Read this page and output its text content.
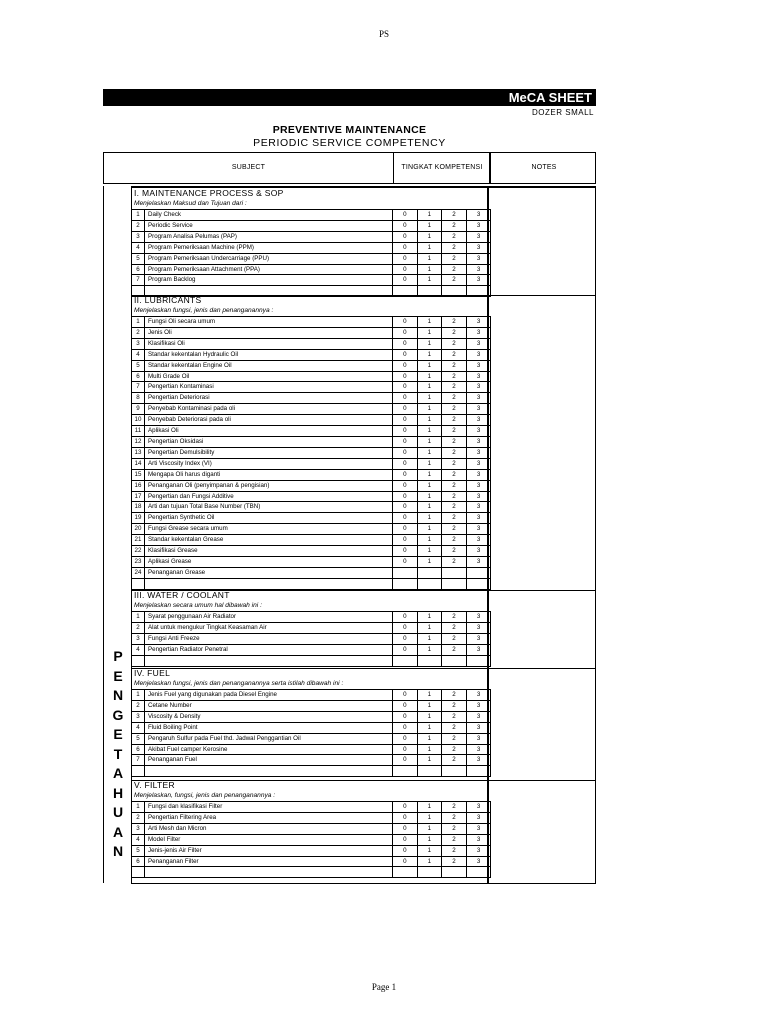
PS
MeCA SHEET
DOZER SMALL
PREVENTIVE MAINTENANCE
PERIODIC SERVICE COMPETENCY
SUBJECT	TINGKAT KOMPETENSI	NOTES
P
E
N
G
E
T
A
H
U
A
N
I. MAINTENANCE PROCESS & SOP
Menjelaskan Maksud dan Tujuan dari :
1	Daily Check	0	1	2	3
2	Periodic Service	0	1	2	3
3	Program Analisa Pelumas (PAP)	0	1	2	3
4	Program Pemeriksaan Machine (PPM)	0	1	2	3
5	Program Pemeriksaan Undercarriage (PPU)	0	1	2	3
6	Program Pemeriksaan Attachment (PPA)	0	1	2	3
7	Program Backlog	0	1	2	3

II. LUBRICANTS
Menjelaskan fungsi, jenis dan penanganannya :
1	Fungsi Oli secara umum	0	1	2	3
2	Jenis Oli	0	1	2	3
3	Klasifikasi Oli	0	1	2	3
4	Standar kekentalan Hydraulic Oil	0	1	2	3
5	Standar kekentalan Engine Oil	0	1	2	3
6	Multi Grade Oil	0	1	2	3
7	Pengertian Kontaminasi	0	1	2	3
8	Pengertian Deteriorasi	0	1	2	3
9	Penyebab Kontaminasi pada oli	0	1	2	3
10	Penyebab Deteriorasi pada oli	0	1	2	3
11	Aplikasi Oli	0	1	2	3
12	Pengertian Oksidasi	0	1	2	3
13	Pengertian Demulsibility	0	1	2	3
14	Arti Viscosity Index (VI)	0	1	2	3
15	Mengapa Oli harus diganti	0	1	2	3
16	Penanganan Oli (penyimpanan & pengisian)	0	1	2	3
17	Pengertian dan Fungsi Additive	0	1	2	3
18	Arti dan tujuan Total Base Number (TBN)	0	1	2	3
19	Pengertian Synthetic Oil	0	1	2	3
20	Fungsi Grease secara umum	0	1	2	3
21	Standar kekentalan Grease	0	1	2	3
22	Klasifikasi Grease	0	1	2	3
23	Aplikasi Grease	0	1	2	3
24	Penanganan Grease				

III. WATER / COOLANT
Menjelaskan secara umum hal dibawah ini :
1	Syarat penggunaan Air Radiator	0	1	2	3
2	Alat untuk mengukur Tingkat Keasaman Air	0	1	2	3
3	Fungsi Anti Freeze	0	1	2	3
4	Pengertian Radiator Penetral	0	1	2	3

IV. FUEL
Menjelaskan fungsi, jenis dan penanganannya serta istilah dibawah ini :
1	Jenis Fuel yang digunakan pada Diesel Engine	0	1	2	3
2	Cetane Number	0	1	2	3
3	Viscosity & Density	0	1	2	3
4	Fluid Boiling Point	0	1	2	3
5	Pengaruh Sulfur pada Fuel thd. Jadwal Penggantian Oil	0	1	2	3
6	Akibat Fuel camper Kerosine	0	1	2	3
7	Penanganan Fuel	0	1	2	3

V. FILTER
Menjelaskan, fungsi, jenis dan penanganannya :
1	Fungsi dan klasifikasi Filter	0	1	2	3
2	Pengertian Filtering Area	0	1	2	3
3	Arti Mesh dan Micron	0	1	2	3
4	Model Filter	0	1	2	3
5	Jenis-jenis Air Filter	0	1	2	3
6	Penanganan Filter	0	1	2	3

Page 1
